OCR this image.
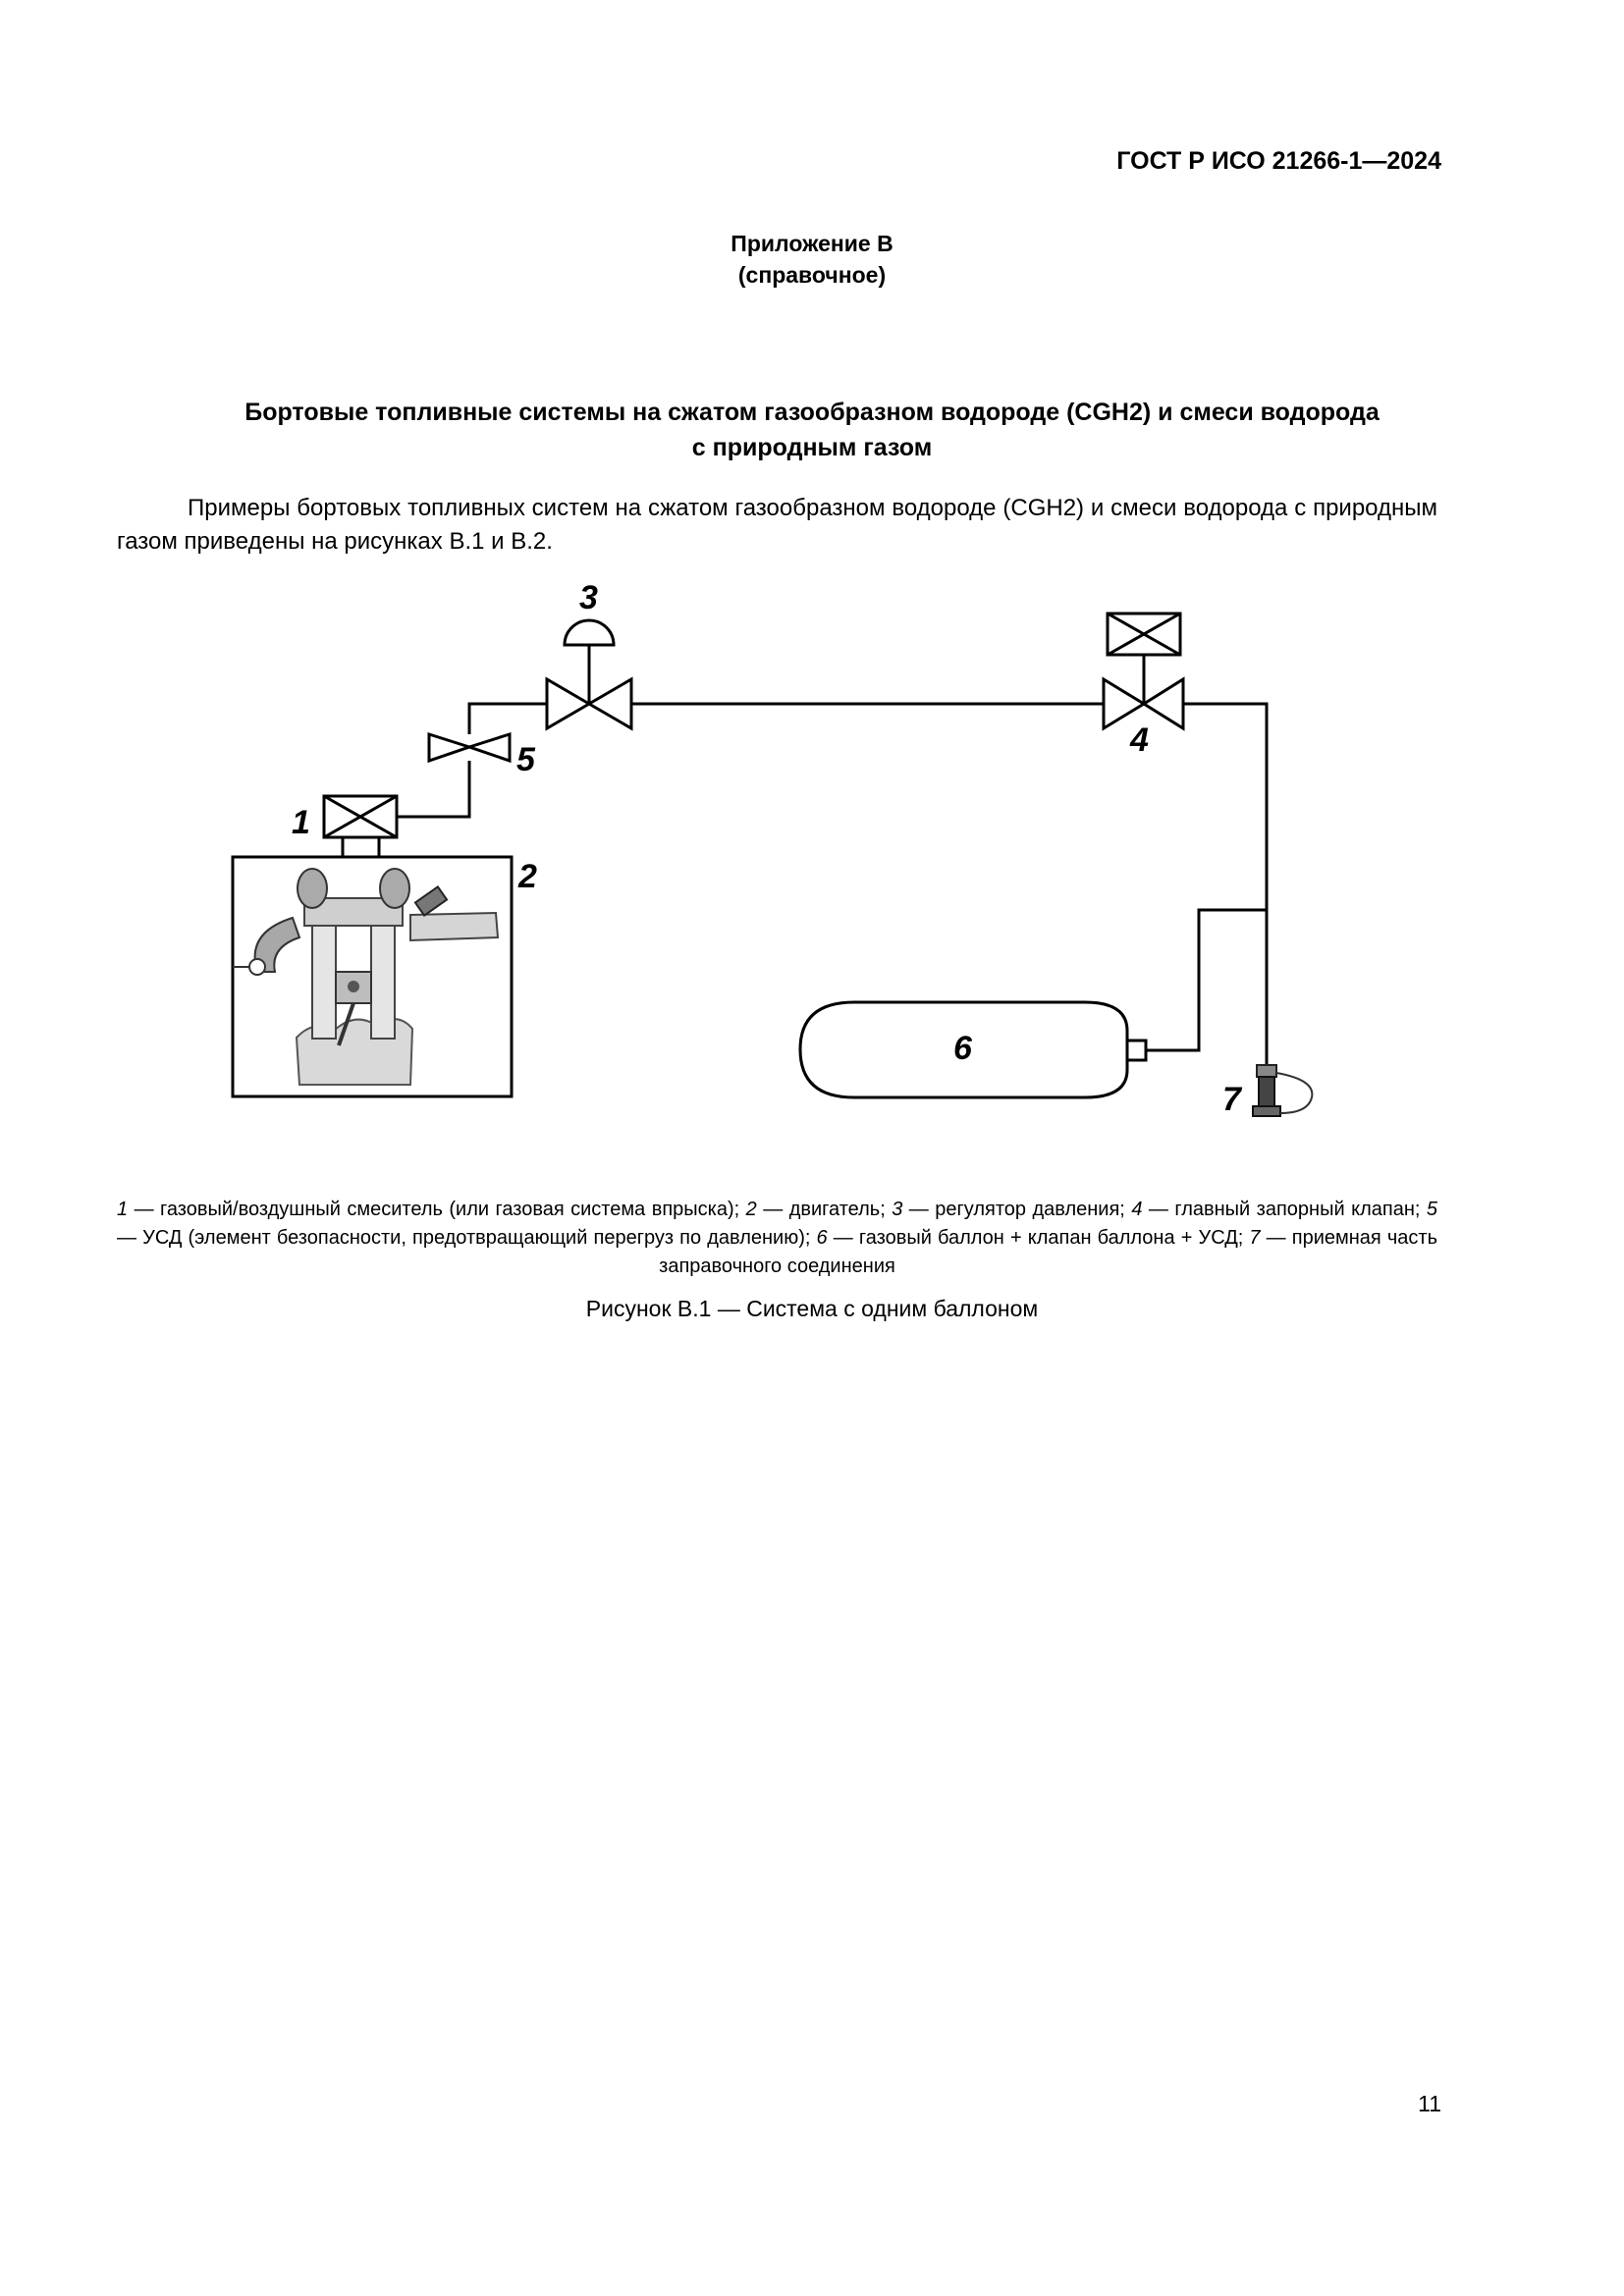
ГОСТ Р ИСО 21266-1—2024
Приложение В
(справочное)
Бортовые топливные системы на сжатом газообразном водороде (CGH2) и смеси водорода
с природным газом

Примеры бортовых топливных систем на сжатом газообразном водороде (CGH2) и смеси водорода с природным газом приведены на рисунках В.1 и В.2.

1
2
3
4
5
6
7

1 — газовый/воздушный смеситель (или газовая система впрыска); 2 — двигатель; 3 — регулятор давления; 4 — главный запорный клапан; 5 — УСД (элемент безопасности, предотвращающий перегруз по давлению); 6 — газовый баллон + клапан баллона + УСД; 7 — приемная часть заправочного соединения

Рисунок В.1 — Система с одним баллоном
11
